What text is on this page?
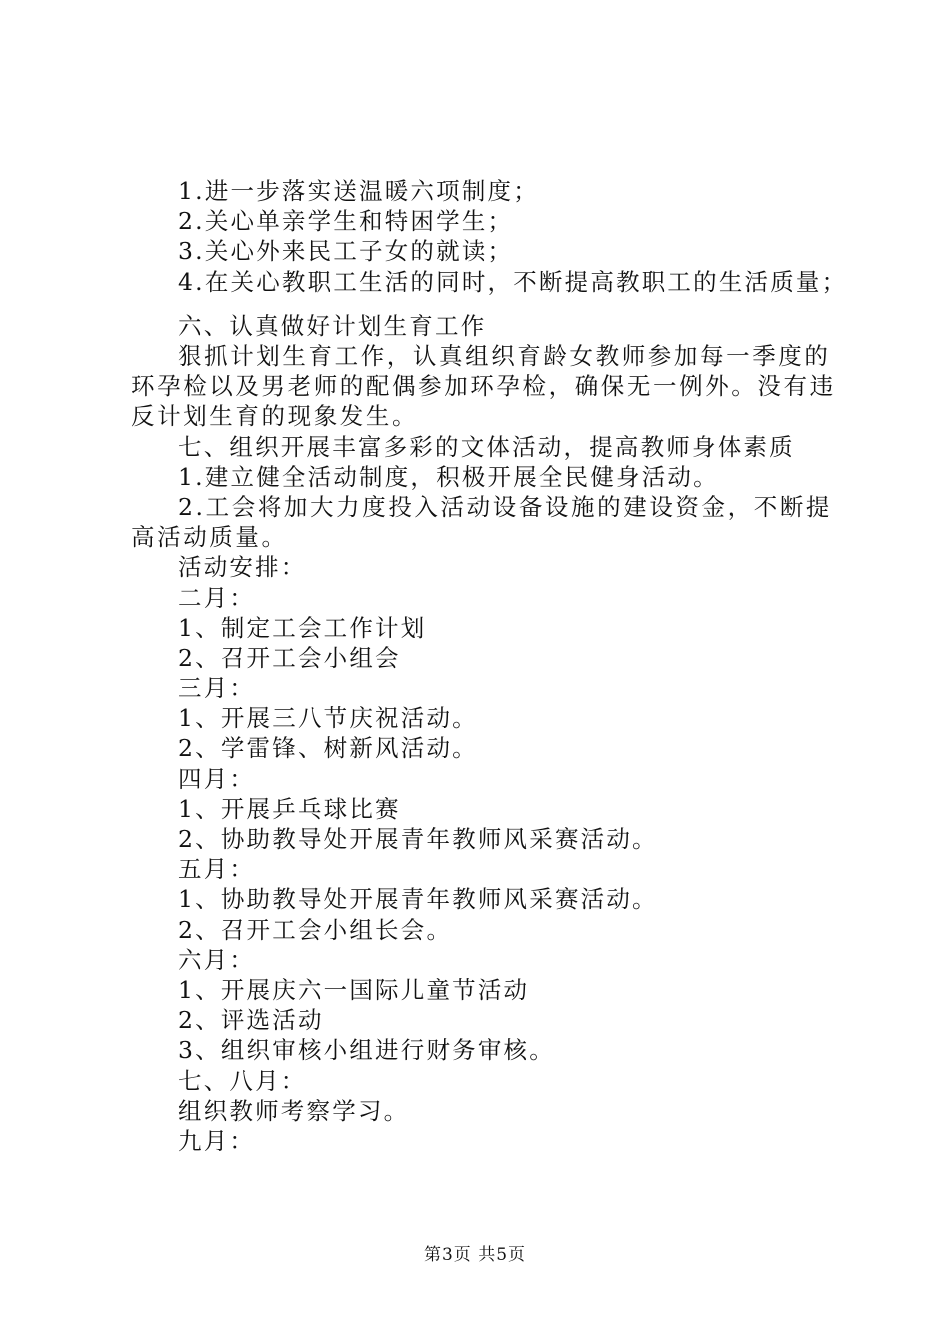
1.进一步落实送温暖六项制度；
2.关心单亲学生和特困学生；
3.关心外来民工子女的就读；
4.在关心教职工生活的同时，不断提高教职工的生活质量；
六、认真做好计划生育工作
狠抓计划生育工作，认真组织育龄女教师参加每一季度的环孕检以及男老师的配偶参加环孕检，确保无一例外。没有违反计划生育的现象发生。
七、组织开展丰富多彩的文体活动，提高教师身体素质
1.建立健全活动制度，积极开展全民健身活动。
2.工会将加大力度投入活动设备设施的建设资金，不断提高活动质量。
活动安排：
二月：
1、制定工会工作计划
2、召开工会小组会
三月：
1、开展三八节庆祝活动。
2、学雷锋、树新风活动。
四月：
1、开展乒乓球比赛
2、协助教导处开展青年教师风采赛活动。
五月：
1、协助教导处开展青年教师风采赛活动。
2、召开工会小组长会。
六月：
1、开展庆六一国际儿童节活动
2、评选活动
3、组织审核小组进行财务审核。
七、八月：
组织教师考察学习。
九月：
第3页 共5页
